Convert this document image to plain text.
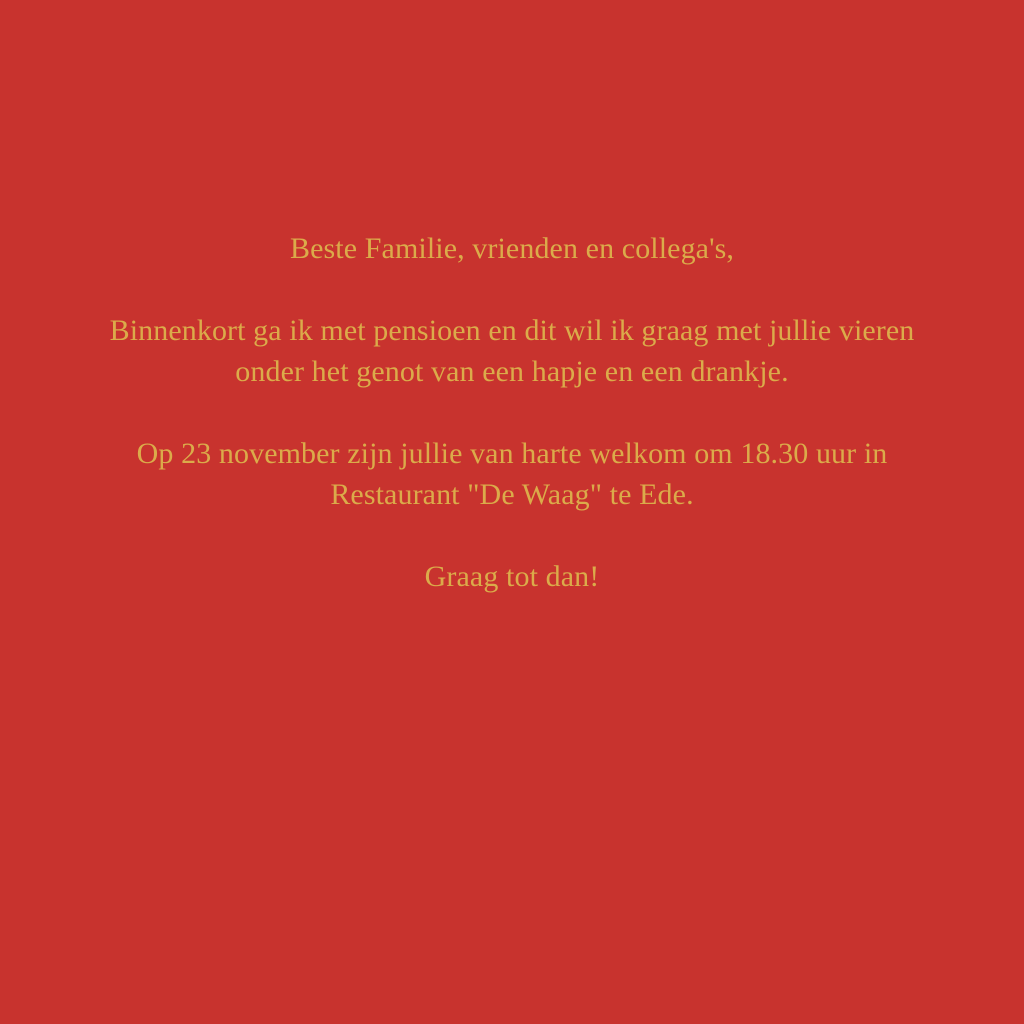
Beste Familie, vrienden en collega's,

Binnenkort ga ik met pensioen en dit wil ik graag met jullie vieren onder het genot van een hapje en een drankje.

Op 23 november zijn jullie van harte welkom om 18.30 uur in Restaurant "De Waag" te Ede.

Graag tot dan!
